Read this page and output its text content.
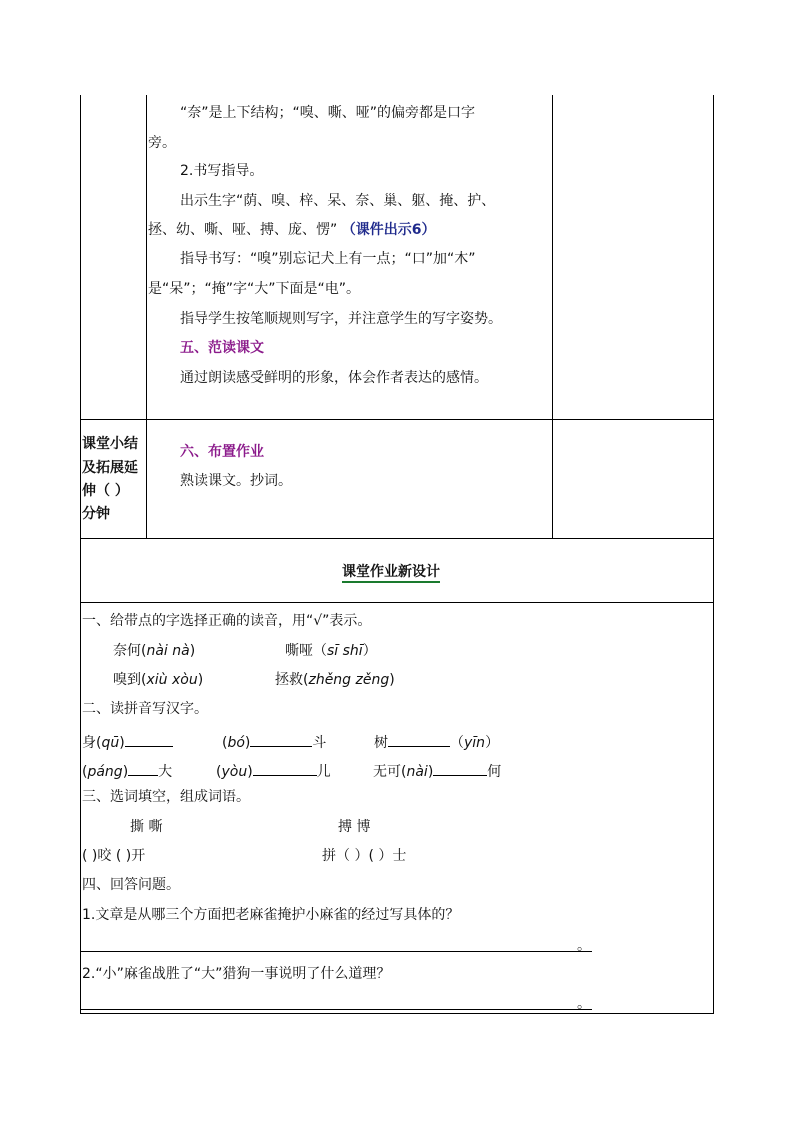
“奈”是上下结构；“嗅、嘶、哑”的偏旁都是口字
旁。
2.书写指导。
出示生字“荫、嗅、梓、呆、奈、巢、躯、掩、护、
拯、幼、嘶、哑、搏、庞、愣” （课件出示6）
指导书写：“嗅”别忘记犬上有一点；“口”加“木”
是“呆”；“掩”字“大”下面是“电”。
指导学生按笔顺规则写字，并注意学生的写字姿势。
五、范读课文
通过朗读感受鲜明的形象，体会作者表达的感情。
课堂小结
及拓展延
伸（ ）
分钟
六、布置作业
熟读课文。抄词。
课堂作业新设计
一、给带点的字选择正确的读音，用“√”表示。
奈何(nài nà)	嘶哑（sī shī）
嗅到(xiù xòu)	拯救(zhěng zěng)
二、读拼音写汉字。
身(qū)	(bó)	斗	树	（yīn）
(páng) 大	(yòu)	儿	无可(nài)	何
三、选词填空，组成词语。
撕 嘶	搏 博
( )咬 ( )开	拼（ ）( ）士
四、回答问题。
1.文章是从哪三个方面把老麻雀掩护小麻雀的经过写具体的？
。
2.“小”麻雀战胜了“大”猎狗一事说明了什么道理？
。
